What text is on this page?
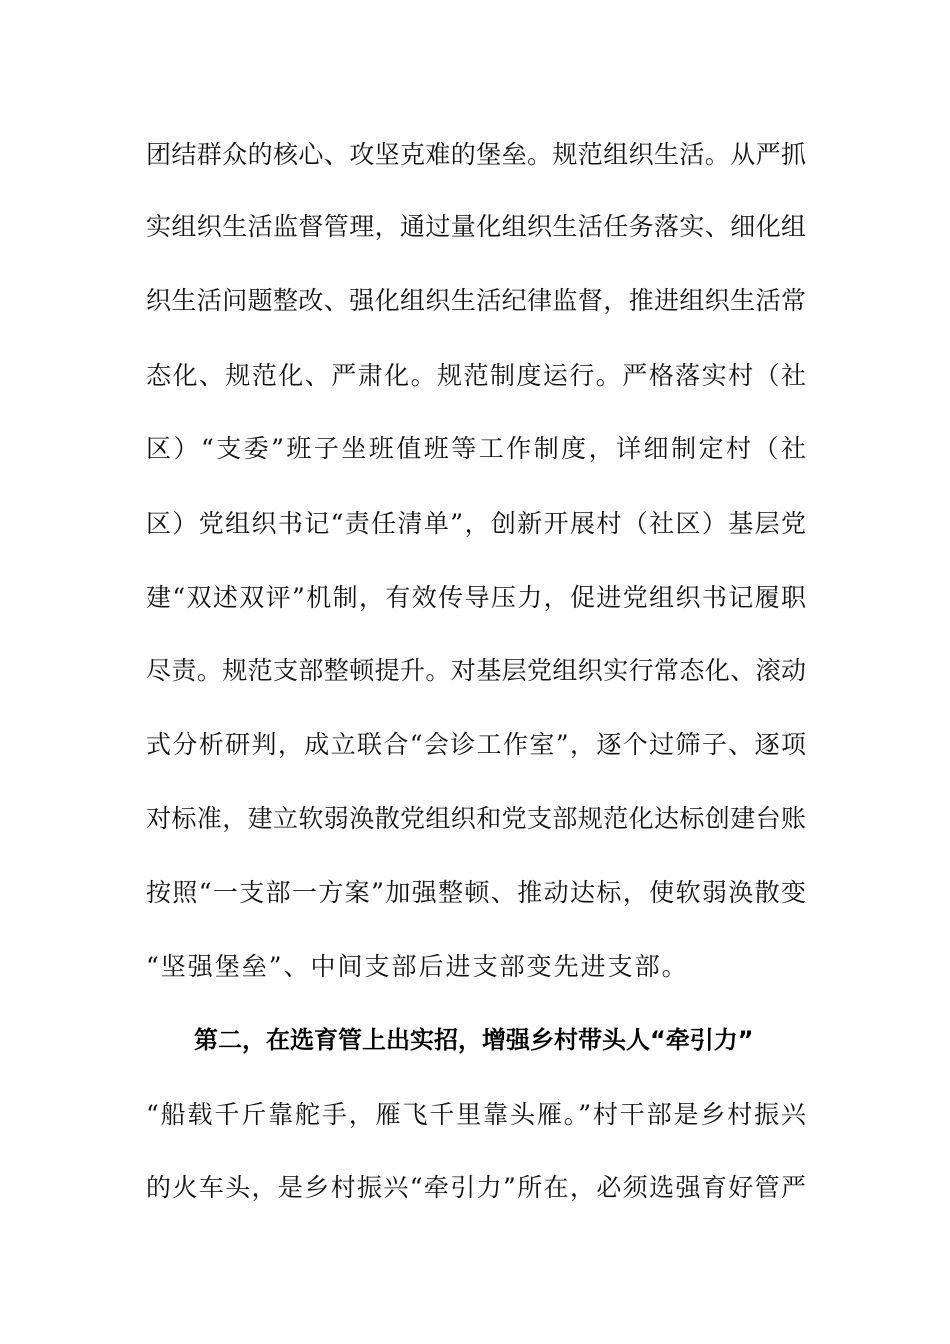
团结群众的核心、攻坚克难的堡垒。规范组织生活。从严抓
实组织生活监督管理，通过量化组织生活任务落实、细化组
织生活问题整改、强化组织生活纪律监督，推进组织生活常
态化、规范化、严肃化。规范制度运行。严格落实村（社
区）“支委”班子坐班值班等工作制度，详细制定村（社
区）党组织书记“责任清单”，创新开展村（社区）基层党
建“双述双评”机制，有效传导压力，促进党组织书记履职
尽责。规范支部整顿提升。对基层党组织实行常态化、滚动
式分析研判，成立联合“会诊工作室”，逐个过筛子、逐项
对标准，建立软弱涣散党组织和党支部规范化达标创建台账
按照“一支部一方案”加强整顿、推动达标，使软弱涣散变
“坚强堡垒”、中间支部后进支部变先进支部。
第二，在选育管上出实招，增强乡村带头人“牵引力”
“船载千斤靠舵手，雁飞千里靠头雁。”村干部是乡村振兴
的火车头，是乡村振兴“牵引力”所在，必须选强育好管严
